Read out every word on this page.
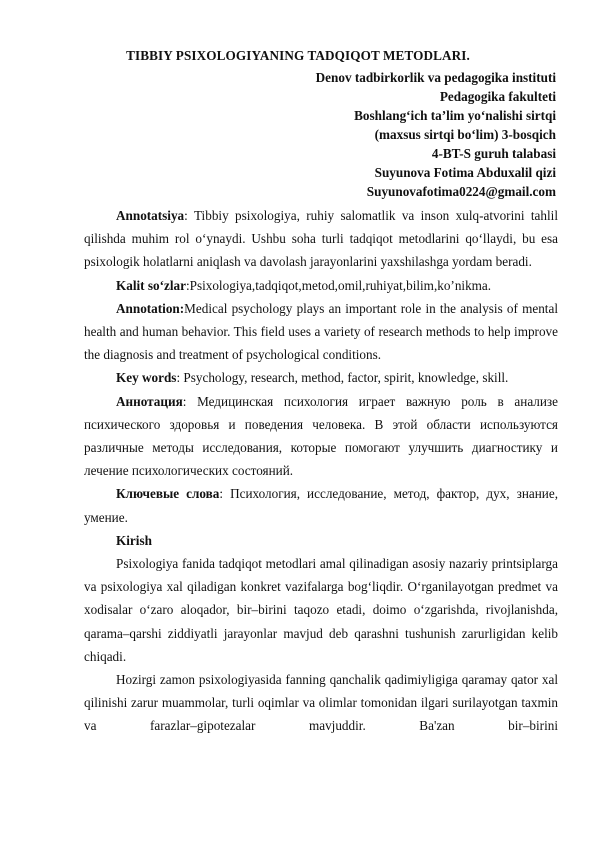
TIBBIY PSIXOLOGIYANING TADQIQOT METODLARI.
Denov tadbirkorlik va pedagogika instituti
Pedagogika fakulteti
Boshlang‘ich ta’lim yo‘nalishi sirtqi
(maxsus sirtqi bo‘lim) 3-bosqich
4-BT-S guruh talabasi
Suyunova Fotima Abduxalil qizi
Suyunovafotima0224@gmail.com

Annotatsiya: Tibbiy psixologiya, ruhiy salomatlik va inson xulq-atvorini tahlil qilishda muhim rol o‘ynaydi. Ushbu soha turli tadqiqot metodlarini qo‘llaydi, bu esa psixologik holatlarni aniqlash va davolash jarayonlarini yaxshilashga yordam beradi.

Kalit so‘zlar:Psixologiya,tadqiqot,metod,omil,ruhiyat,bilim,ko’nikma.

Annotation:Medical psychology plays an important role in the analysis of mental health and human behavior. This field uses a variety of research methods to help improve the diagnosis and treatment of psychological conditions.

Key words: Psychology, research, method, factor, spirit, knowledge, skill.

Аннотация: Медицинская психология играет важную роль в анализе психического здоровья и поведения человека. В этой области используются различные методы исследования, которые помогают улучшить диагностику и лечение психологических состояний.

Ключевые слова: Психология, исследование, метод, фактор, дух, знание, умение.

Kirish

Psixologiya fanida tadqiqot metodlari amal qilinadigan asosiy nazariy printsiplarga va psixologiya xal qiladigan konkret vazifalarga bog‘liqdir. O‘rganilayotgan predmet va xodisalar o‘zaro aloqador, bir–birini taqozo etadi, doimo o‘zgarishda, rivojlanishda, qarama–qarshi ziddiyatli jarayonlar mavjud deb qarashni tushunish zarurligidan kelib chiqadi.

Hozirgi zamon psixologiyasida fanning qanchalik qadimiyligiga qaramay qator xal qilinishi zarur muammolar, turli oqimlar va olimlar tomonidan ilgari surilayotgan taxmin va farazlar–gipotezalar mavjuddir. Ba'zan bir–birini
